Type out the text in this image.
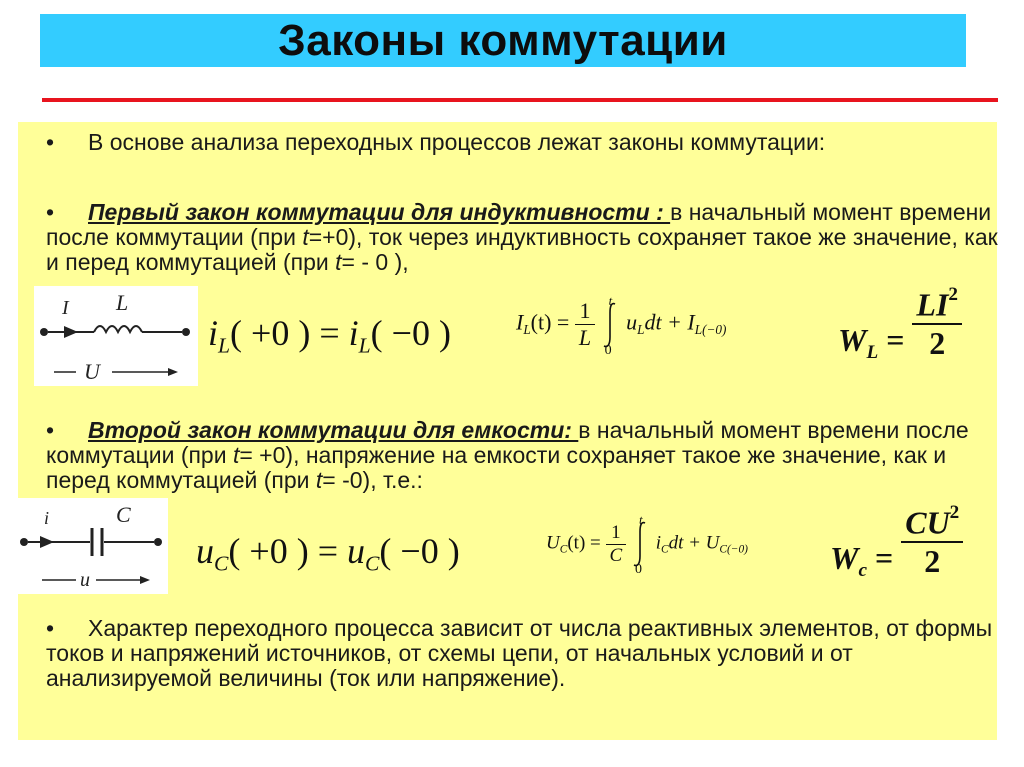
Законы коммутации

• В основе анализа переходных процессов лежат законы коммутации:

• Первый закон коммутации для индуктивности : в начальный момент времени после коммутации (при t=+0), ток через индуктивность сохраняет такое же значение, как и перед коммутацией (при t= - 0 ),

I L
U
$i_L( +0$ ) = $i_L( -0$ )	$I_L(t) = \frac{1}{L}$
t
0
$u_Ldt + I_{L(-0)}$	$W_L = \frac{LI^2}{2}$

• Второй закон коммутации для емкости: в начальный момент времени после коммутации (при t= +0), напряжение на емкости сохраняет такое же значение, как и перед коммутацией (при t= -0), т.е.:

i	C
u
$u_C( +0$ ) = $u_C( -0$ )	$U_C(t) = \frac{1}{C}$

t
0
$i_Cdt + U_{C(-0)}$	$W_c = \frac{CU^2}{2}$

• Характер переходного процесса зависит от числа реактивных элементов, от формы токов и напряжений источников, от схемы цепи, от начальных условий и от анализируемой величины (ток или напряжение).
